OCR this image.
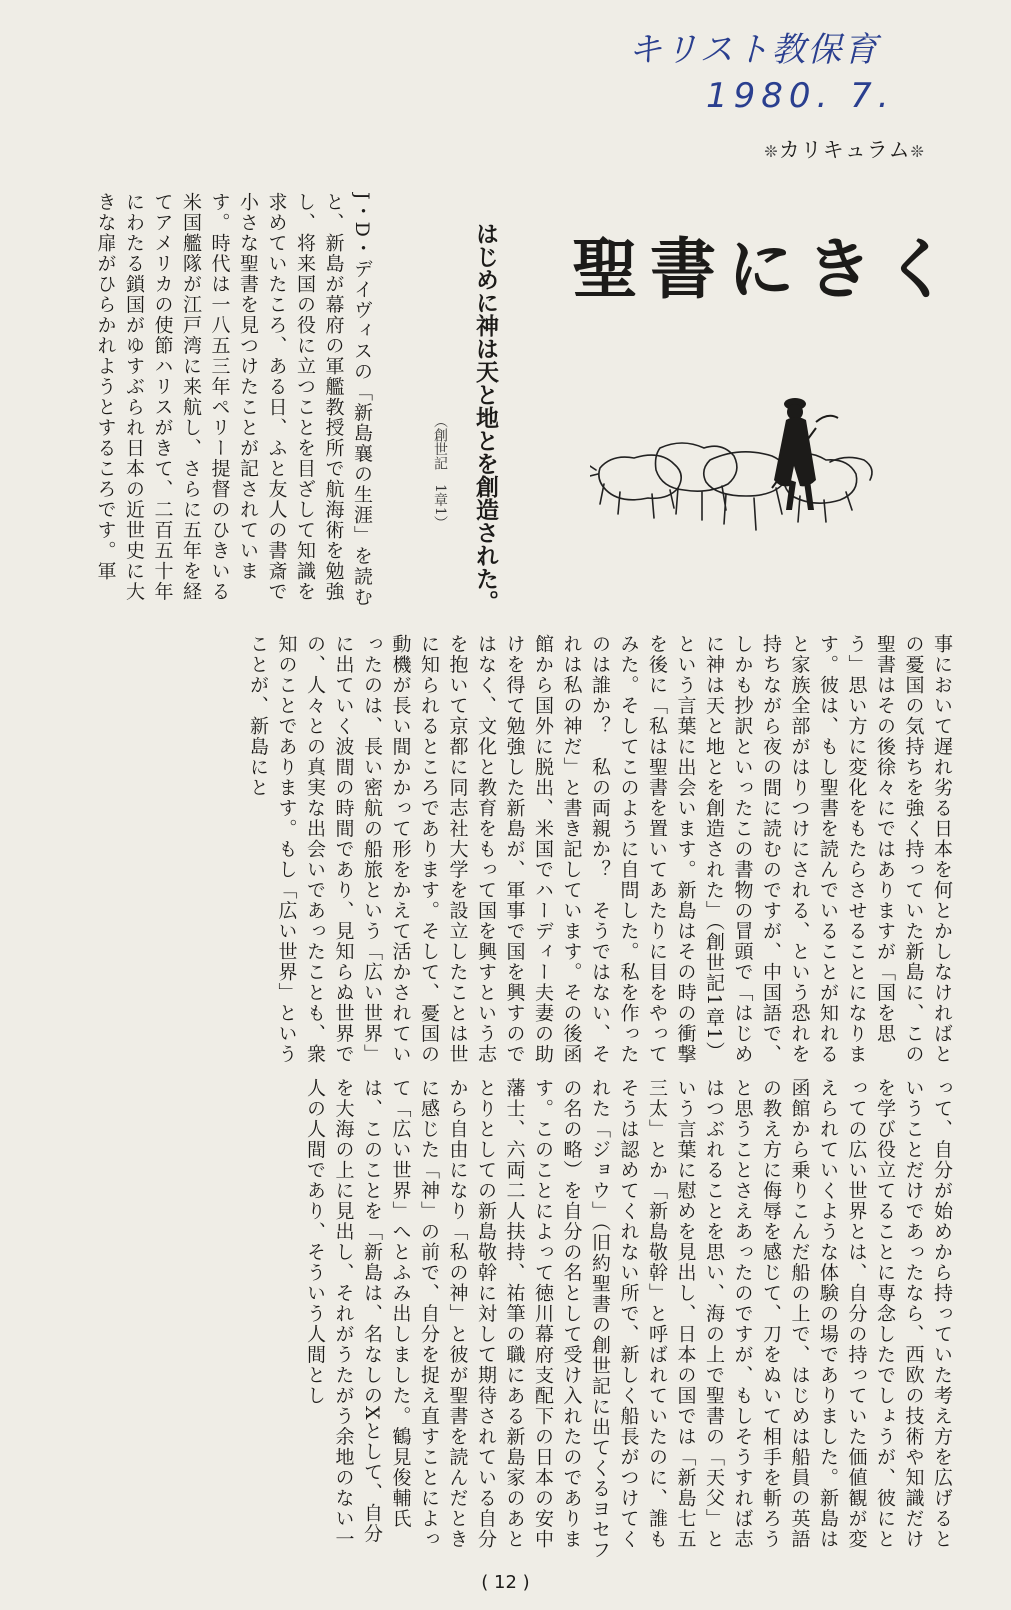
キリスト教保育
1980. 7.
❊カリキュラム❊
聖書にきく
はじめに神は天と地とを創造された。
（創世記　1章1）
J・D・デイヴィスの「新島襄の生涯」を読むと、新島が幕府の軍艦教授所で航海術を勉強し、将来国の役に立つことを目ざして知識を求めていたころ、ある日、ふと友人の書斎で小さな聖書を見つけたことが記されています。時代は一八五三年ペリー提督のひきいる米国艦隊が江戸湾に来航し、さらに五年を経てアメリカの使節ハリスがきて、二百五十年にわたる鎖国がゆすぶられ日本の近世史に大きな扉がひらかれようとするころです。軍
事において遅れ劣る日本を何とかしなければとの憂国の気持ちを強く持っていた新島に、この聖書はその後徐々にではありますが「国を思う」思い方に変化をもたらさせることになります。彼は、もし聖書を読んでいることが知れると家族全部がはりつけにされる、という恐れを持ちながら夜の間に読むのですが、中国語で、しかも抄訳といったこの書物の冒頭で「はじめに神は天と地とを創造された」（創世記1章1）という言葉に出会います。新島はその時の衝撃を後に「私は聖書を置いてあたりに目をやってみた。そしてこのように自問した。私を作ったのは誰か？　私の両親か？　そうではない、それは私の神だ」と書き記しています。その後函館から国外に脱出、米国でハーディー夫妻の助けを得て勉強した新島が、軍事で国を興すのではなく、文化と教育をもって国を興すという志を抱いて京都に同志社大学を設立したことは世に知られるところであります。そして、憂国の動機が長い間かかって形をかえて活かされていったのは、長い密航の船旅という「広い世界」に出ていく波間の時間であり、見知らぬ世界での、人々との真実な出会いであったことも、衆知のことであります。もし「広い世界」ということが、新島にと
って、自分が始めから持っていた考え方を広げるということだけであったなら、西欧の技術や知識だけを学び役立てることに専念したでしょうが、彼にとっての広い世界とは、自分の持っていた価値観が変えられていくような体験の場でありました。新島は函館から乗りこんだ船の上で、はじめは船員の英語の教え方に侮辱を感じて、刀をぬいて相手を斬ろうと思うことさえあったのですが、もしそうすれば志はつぶれることを思い、海の上で聖書の「天父」という言葉に慰めを見出し、日本の国では「新島七五三太」とか「新島敬幹」と呼ばれていたのに、誰もそうは認めてくれない所で、新しく船長がつけてくれた「ジョウ」（旧約聖書の創世記に出てくるヨセフの名の略）を自分の名として受け入れたのであります。このことによって徳川幕府支配下の日本の安中藩士、六両二人扶持、祐筆の職にある新島家のあととりとしての新島敬幹に対して期待されている自分から自由になり「私の神」と彼が聖書を読んだときに感じた「神」の前で、自分を捉え直すことによって「広い世界」へとふみ出しました。鶴見俊輔氏は、このことを「新島は、名なしのXとして、自分を大海の上に見出し、それがうたがう余地のない一人の人間であり、そういう人間とし
( 12 )
